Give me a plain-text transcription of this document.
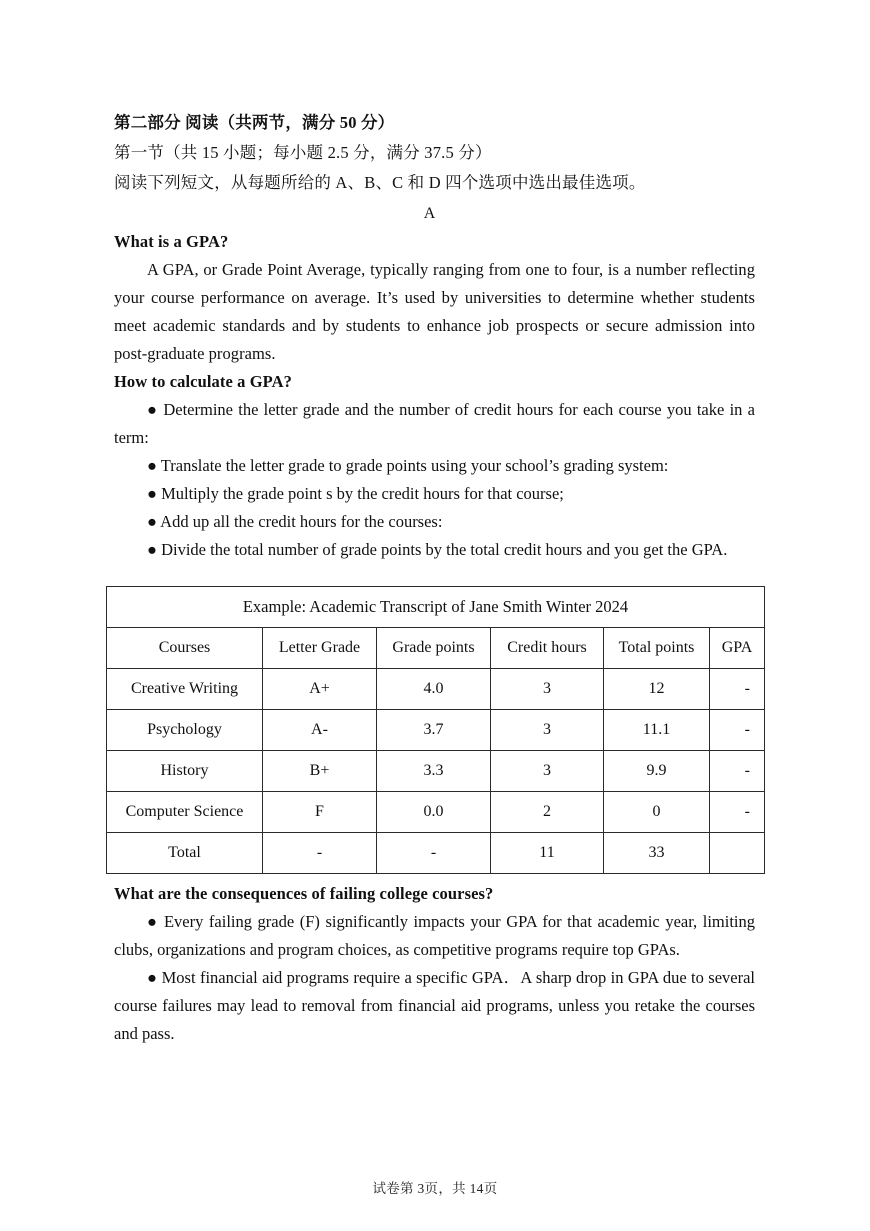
第二部分 阅读（共两节，满分 50 分）
第一节（共 15 小题；每小题 2.5 分，满分 37.5 分）
阅读下列短文，从每题所给的 A、B、C 和 D 四个选项中选出最佳选项。
A
What is a GPA?

A GPA, or Grade Point Average, typically ranging from one to four, is a number reflecting your course performance on average. It’s used by universities to determine whether students meet academic standards and by students to enhance job prospects or secure admission into post-graduate programs.

How to calculate a GPA?

● Determine the letter grade and the number of credit hours for each course you take in a term:

● Translate the letter grade to grade points using your school’s grading system:

● Multiply the grade point s by the credit hours for that course;

● Add up all the credit hours for the courses:

● Divide the total number of grade points by the total credit hours and you get the GPA.

Example: Academic Transcript of Jane Smith Winter 2024					
Courses	Letter Grade	Grade points	Credit hours	Total points	GPA
Creative Writing	A+	4.0	3	12	-
Psychology	A-	3.7	3	11.1	-
History	B+	3.3	3	9.9	-
Computer Science	F	0.0	2	0	-
Total	-	-	11	33	
What are the consequences of failing college courses?

● Every failing grade (F) significantly impacts your GPA for that academic year, limiting clubs, organizations and program choices, as competitive programs require top GPAs.

● Most financial aid programs require a specific GPA．A sharp drop in GPA due to several course failures may lead to removal from financial aid programs, unless you retake the courses and pass.

试卷第 3页，共 14页
